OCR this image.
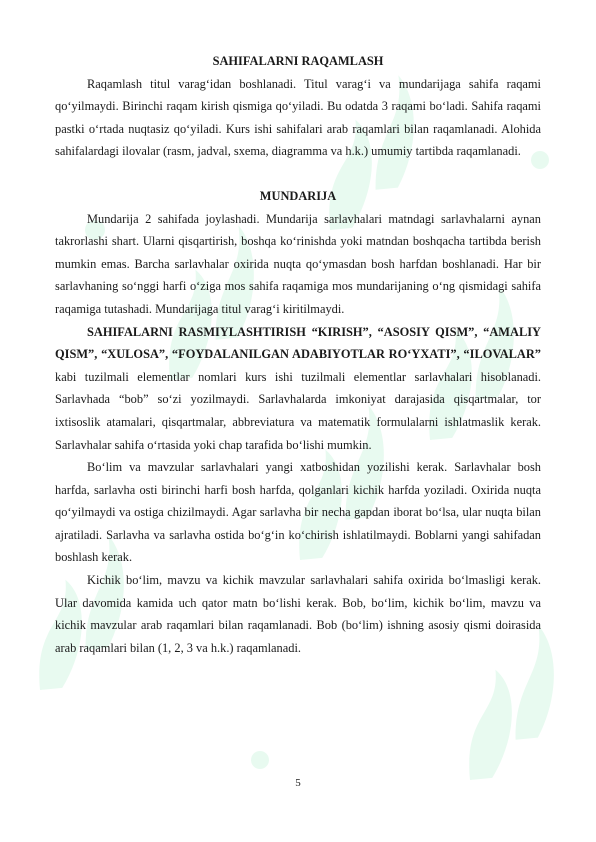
SAHIFALARNI RAQAMLASH

Raqamlash titul varag‘idan boshlanadi. Titul varag‘i va mundarijaga sahifa raqami qo‘yilmaydi. Birinchi raqam kirish qismiga qo‘yiladi. Bu odatda 3 raqami bo‘ladi. Sahifa raqami pastki o‘rtada nuqtasiz qo‘yiladi. Kurs ishi sahifalari arab raqamlari bilan raqamlanadi. Alohida sahifalardagi ilovalar (rasm, jadval, sxema, diagramma va h.k.) umumiy tartibda raqamlanadi.

MUNDARIJA

Mundarija 2 sahifada joylashadi. Mundarija sarlavhalari matndagi sarlavhalarni aynan takrorlashi shart. Ularni qisqartirish, boshqa ko‘rinishda yoki matndan boshqacha tartibda berish mumkin emas. Barcha sarlavhalar oxirida nuqta qo‘ymasdan bosh harfdan boshlanadi. Har bir sarlavhaning so‘nggi harfi o‘ziga mos sahifa raqamiga mos mundarijaning o‘ng qismidagi sahifa raqamiga tutashadi. Mundarijaga titul varag‘i kiritilmaydi.

SAHIFALARNI RASMIYLASHTIRISH “KIRISH”, “ASOSIY QISM”, “AMALIY QISM”, “XULOSA”, “FOYDALANILGAN ADABIYOTLAR RO‘YXATI”, “ILOVALAR” kabi tuzilmali elementlar nomlari kurs ishi tuzilmali elementlar sarlavhalari hisoblanadi. Sarlavhada “bob” so‘zi yozilmaydi. Sarlavhalarda imkoniyat darajasida qisqartmalar, tor ixtisoslik atamalari, qisqartmalar, abbreviatura va matematik formulalarni ishlatmaslik kerak. Sarlavhalar sahifa o‘rtasida yoki chap tarafida bo‘lishi mumkin.

Bo‘lim va mavzular sarlavhalari yangi xatboshidan yozilishi kerak. Sarlavhalar bosh harfda, sarlavha osti birinchi harfi bosh harfda, qolganlari kichik harfda yoziladi. Oxirida nuqta qo‘yilmaydi va ostiga chizilmaydi. Agar sarlavha bir necha gapdan iborat bo‘lsa, ular nuqta bilan ajratiladi. Sarlavha va sarlavha ostida bo‘g‘in ko‘chirish ishlatilmaydi. Boblarni yangi sahifadan boshlash kerak.

Kichik bo‘lim, mavzu va kichik mavzular sarlavhalari sahifa oxirida bo‘lmasligi kerak. Ular davomida kamida uch qator matn bo‘lishi kerak. Bob, bo‘lim, kichik bo‘lim, mavzu va kichik mavzular arab raqamlari bilan raqamlanadi. Bob (bo‘lim) ishning asosiy qismi doirasida arab raqamlari bilan (1, 2, 3 va h.k.) raqamlanadi.

5
